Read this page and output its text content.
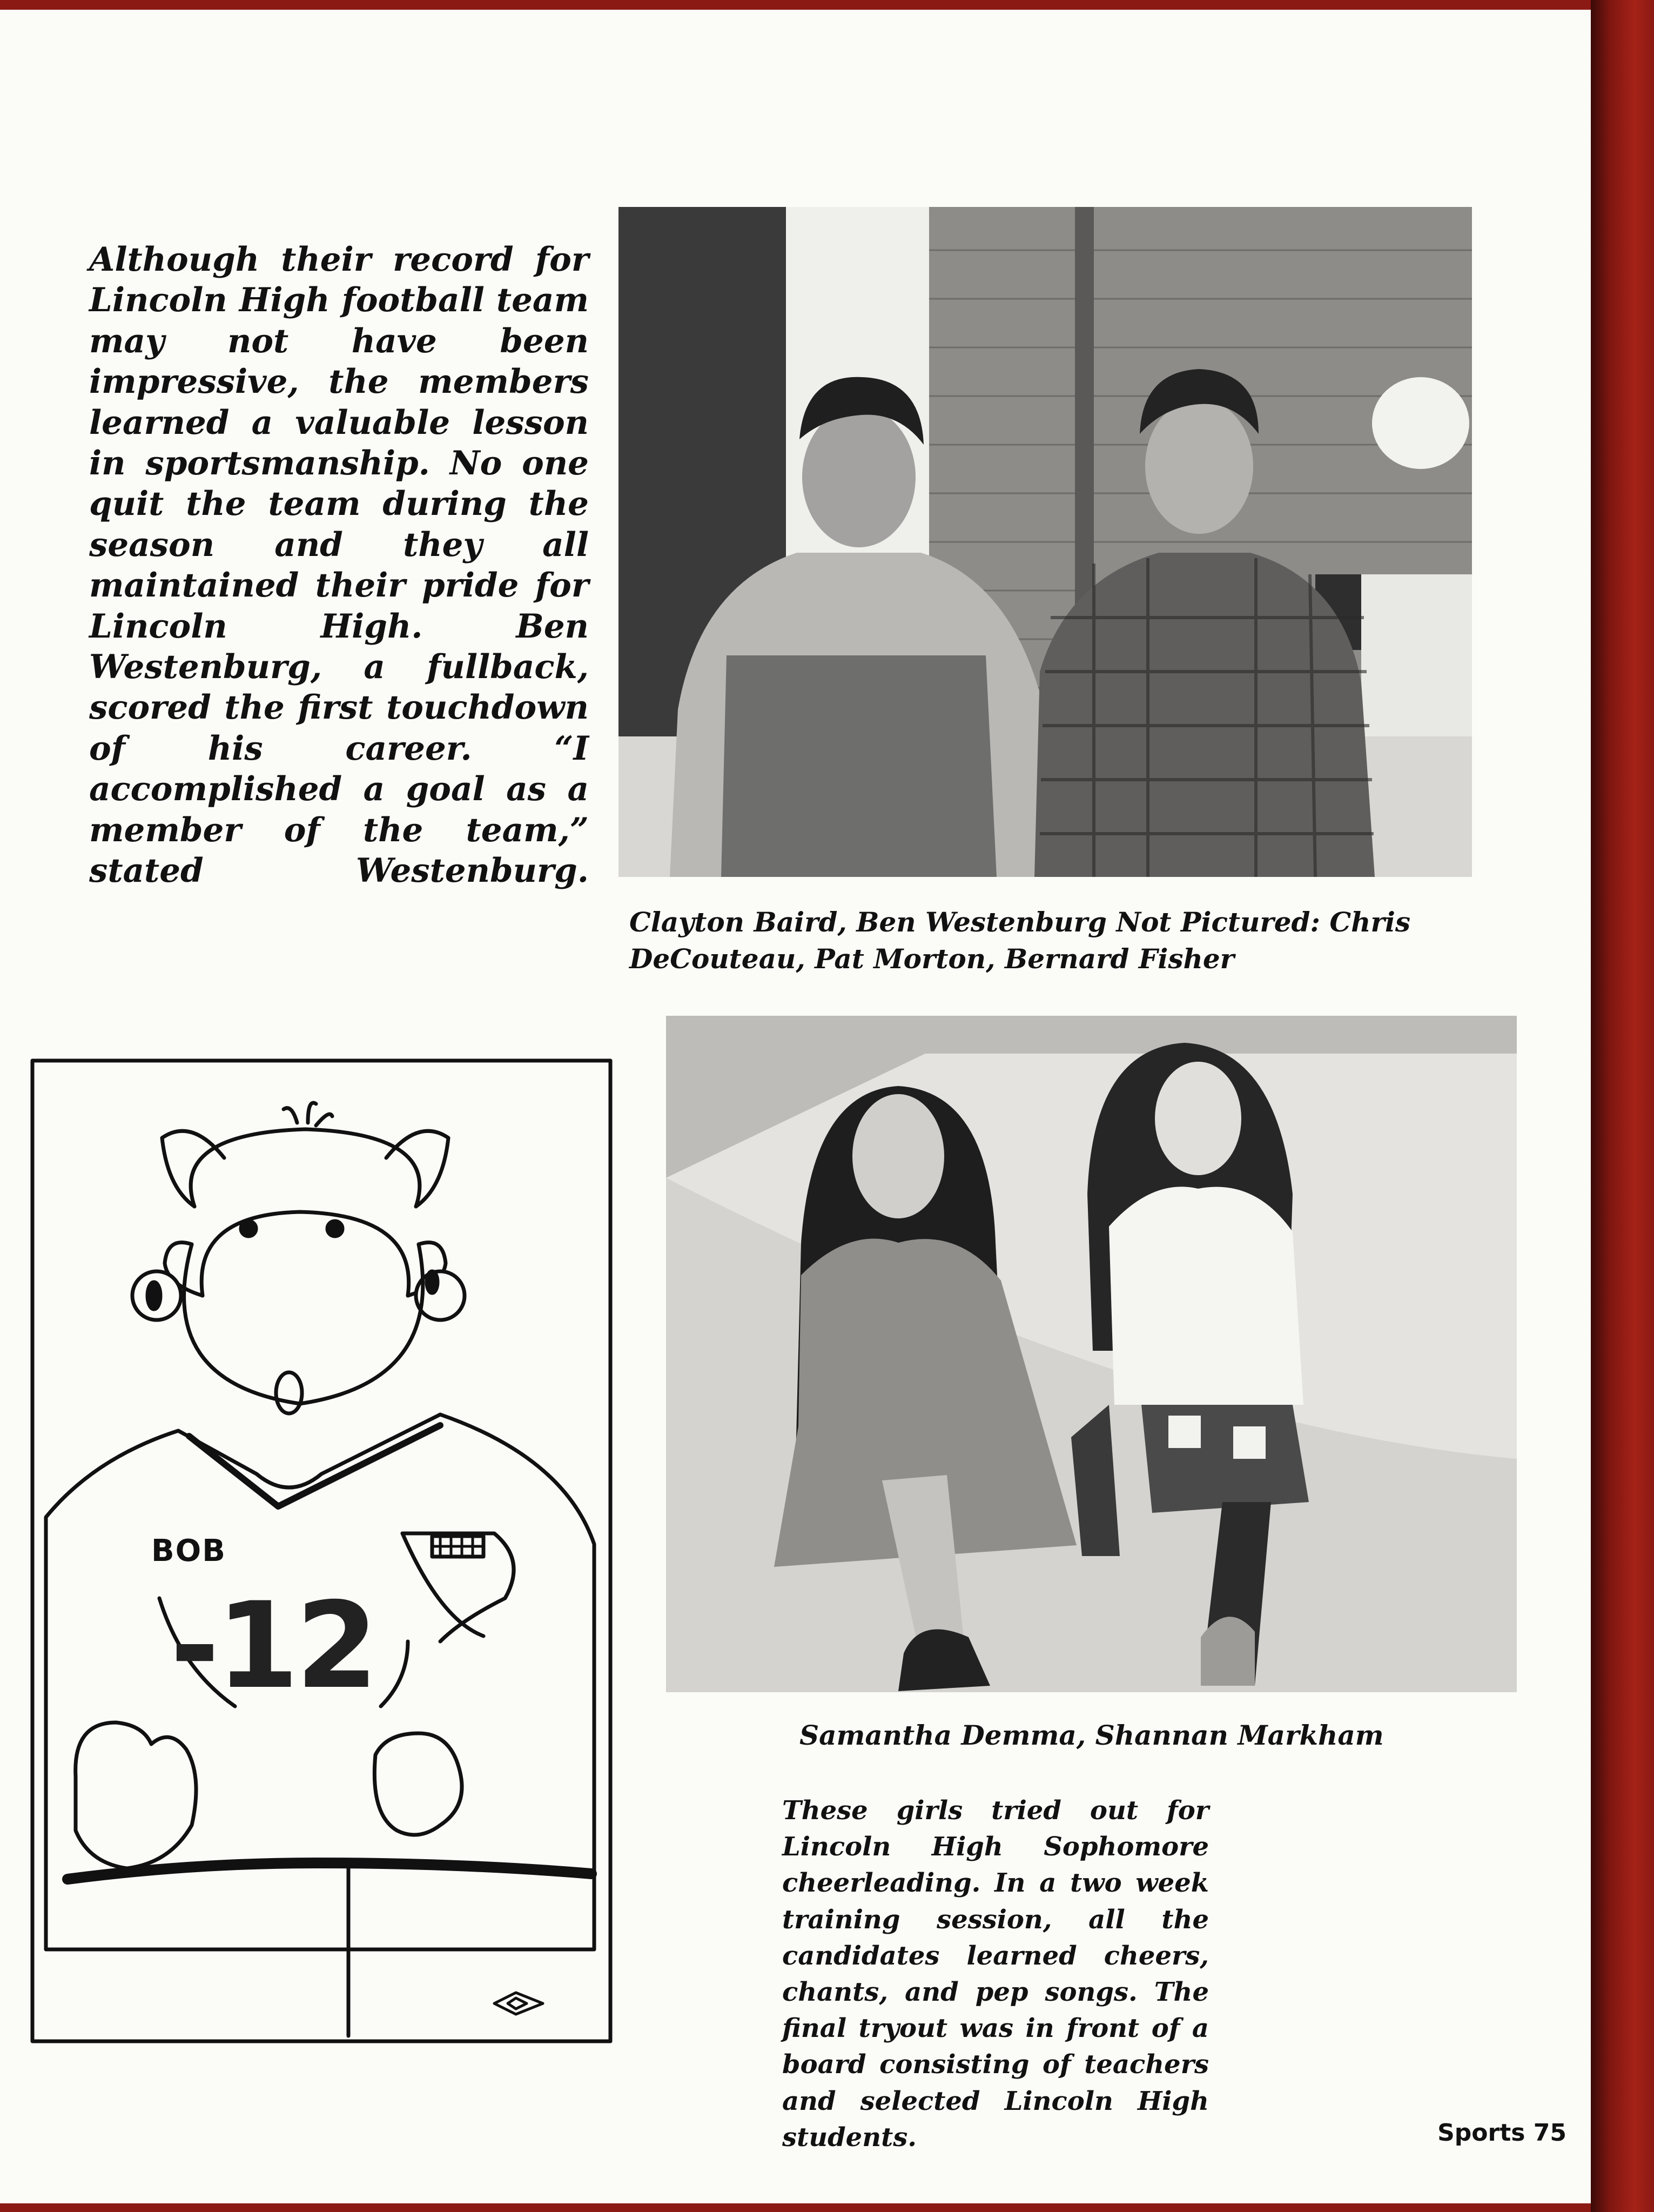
Although their record for Lincoln High football team may not have been impressive, the members learned a valuable lesson in sportsmanship. No one quit the team during the season and they all maintained their pride for Lincoln High. Ben Westenburg, a fullback, scored the first touchdown of his career. “I accomplished a goal as a member of the team,” stated Westenburg.
Clayton Baird, Ben Westenburg Not Pictured: Chris DeCouteau, Pat Morton, Bernard Fisher
BOB
-12
Samantha Demma, Shannan Markham
These girls tried out for Lincoln High Sophomore cheerleading. In a two week training session, all the candidates learned cheers, chants, and pep songs. The final tryout was in front of a board consisting of teachers and selected Lincoln High students.	Sports 75
